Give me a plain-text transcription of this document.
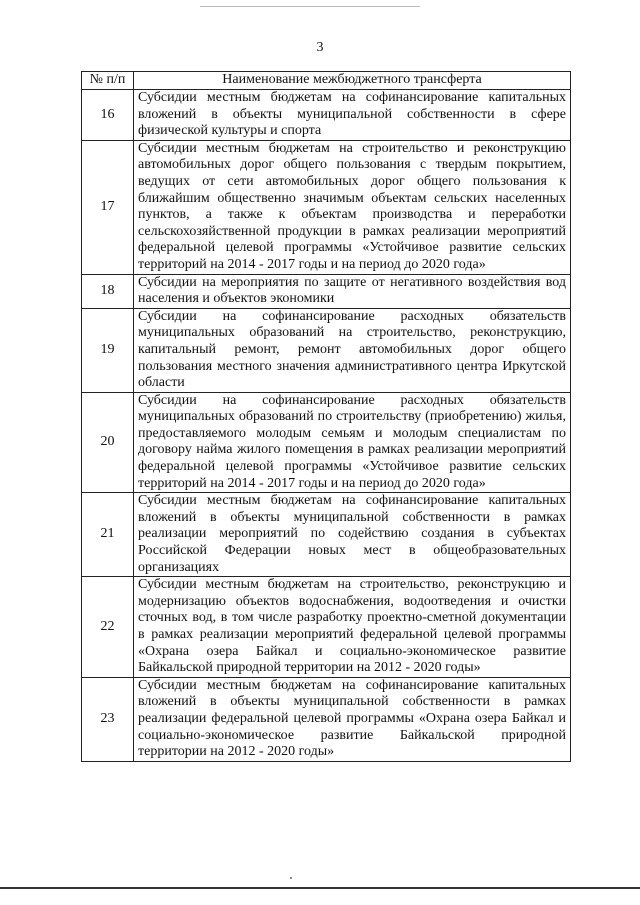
3
№ п/п	Наименование межбюджетного трансферта
16	Субсидии местным бюджетам на софинансирование капитальных вложений в объекты муниципальной собственности в сфере физической культуры и спорта
17	Субсидии местным бюджетам на строительство и реконструкцию автомобильных дорог общего пользования с твердым покрытием, ведущих от сети автомобильных дорог общего пользования к ближайшим общественно значимым объектам сельских населенных пунктов, а также к объектам производства и переработки сельскохозяйственной продукции в рамках реализации мероприятий федеральной целевой программы «Устойчивое развитие сельских территорий на 2014 - 2017 годы и на период до 2020 года»
18	Субсидии на мероприятия по защите от негативного воздействия вод населения и объектов экономики
19	Субсидии на софинансирование расходных обязательств муниципальных образований на строительство, реконструкцию, капитальный ремонт, ремонт автомобильных дорог общего пользования местного значения административного центра Иркутской области
20	Субсидии на софинансирование расходных обязательств муниципальных образований по строительству (приобретению) жилья, предоставляемого молодым семьям и молодым специалистам по договору найма жилого помещения в рамках реализации мероприятий федеральной целевой программы «Устойчивое развитие сельских территорий на 2014 - 2017 годы и на период до 2020 года»
21	Субсидии местным бюджетам на софинансирование капитальных вложений в объекты муниципальной собственности в рамках реализации мероприятий по содействию создания в субъектах Российской Федерации новых мест в общеобразовательных организациях
22	Субсидии местным бюджетам на строительство, реконструкцию и модернизацию объектов водоснабжения, водоотведения и очистки сточных вод, в том числе разработку проектно-сметной документации в рамках реализации мероприятий федеральной целевой программы «Охрана озера Байкал и социально-экономическое развитие Байкальской природной территории на 2012 - 2020 годы»
23	Субсидии местным бюджетам на софинансирование капитальных вложений в объекты муниципальной собственности в рамках реализации федеральной целевой программы «Охрана озера Байкал и социально-экономическое развитие Байкальской природной территории на 2012 - 2020 годы»
